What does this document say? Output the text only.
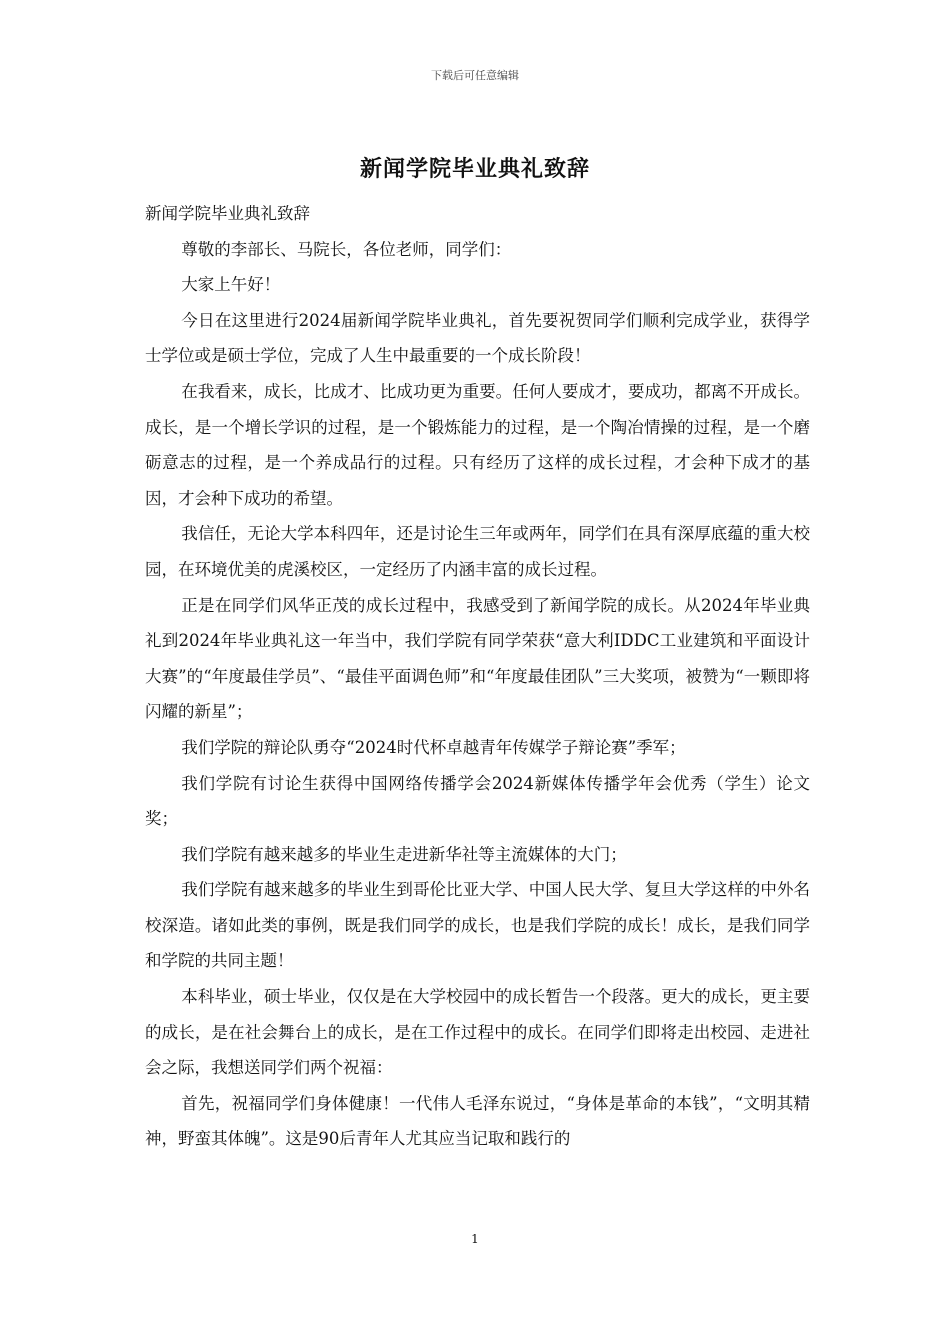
下载后可任意编辑
新闻学院毕业典礼致辞

新闻学院毕业典礼致辞

尊敬的李部长、马院长，各位老师，同学们：

大家上午好！

今日在这里进行2024届新闻学院毕业典礼，首先要祝贺同学们顺利完成学业，获得学士学位或是硕士学位，完成了人生中最重要的一个成长阶段！

在我看来，成长，比成才、比成功更为重要。任何人要成才，要成功，都离不开成长。成长，是一个增长学识的过程，是一个锻炼能力的过程，是一个陶冶情操的过程，是一个磨砺意志的过程，是一个养成品行的过程。只有经历了这样的成长过程，才会种下成才的基因，才会种下成功的希望。

我信任，无论大学本科四年，还是讨论生三年或两年，同学们在具有深厚底蕴的重大校园，在环境优美的虎溪校区，一定经历了内涵丰富的成长过程。

正是在同学们风华正茂的成长过程中，我感受到了新闻学院的成长。从2024年毕业典礼到2024年毕业典礼这一年当中，我们学院有同学荣获“意大利IDDC工业建筑和平面设计大赛”的“年度最佳学员”、“最佳平面调色师”和“年度最佳团队”三大奖项，被赞为“一颗即将闪耀的新星”；

我们学院的辩论队勇夺“2024时代杯卓越青年传媒学子辩论赛”季军；

我们学院有讨论生获得中国网络传播学会2024新媒体传播学年会优秀（学生）论文奖；

我们学院有越来越多的毕业生走进新华社等主流媒体的大门；

我们学院有越来越多的毕业生到哥伦比亚大学、中国人民大学、复旦大学这样的中外名校深造。诸如此类的事例，既是我们同学的成长，也是我们学院的成长！成长，是我们同学和学院的共同主题！

本科毕业，硕士毕业，仅仅是在大学校园中的成长暂告一个段落。更大的成长，更主要的成长，是在社会舞台上的成长，是在工作过程中的成长。在同学们即将走出校园、走进社会之际，我想送同学们两个祝福：

首先，祝福同学们身体健康！一代伟人毛泽东说过，“身体是革命的本钱”，“文明其精神，野蛮其体魄”。这是90后青年人尤其应当记取和践行的

1
